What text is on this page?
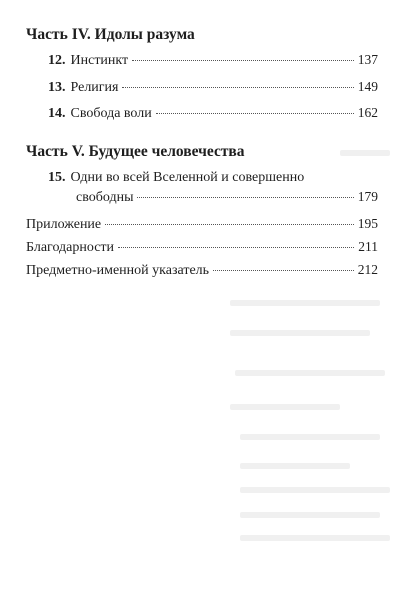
Часть IV. Идолы разума
12. Инстинкт	137
13. Религия	149
14. Свобода воли	162
Часть V. Будущее человечества
15. Одни во всей Вселенной и совершенно
свободны	179
Приложение	195
Благодарности	211
Предметно-именной указатель	212
